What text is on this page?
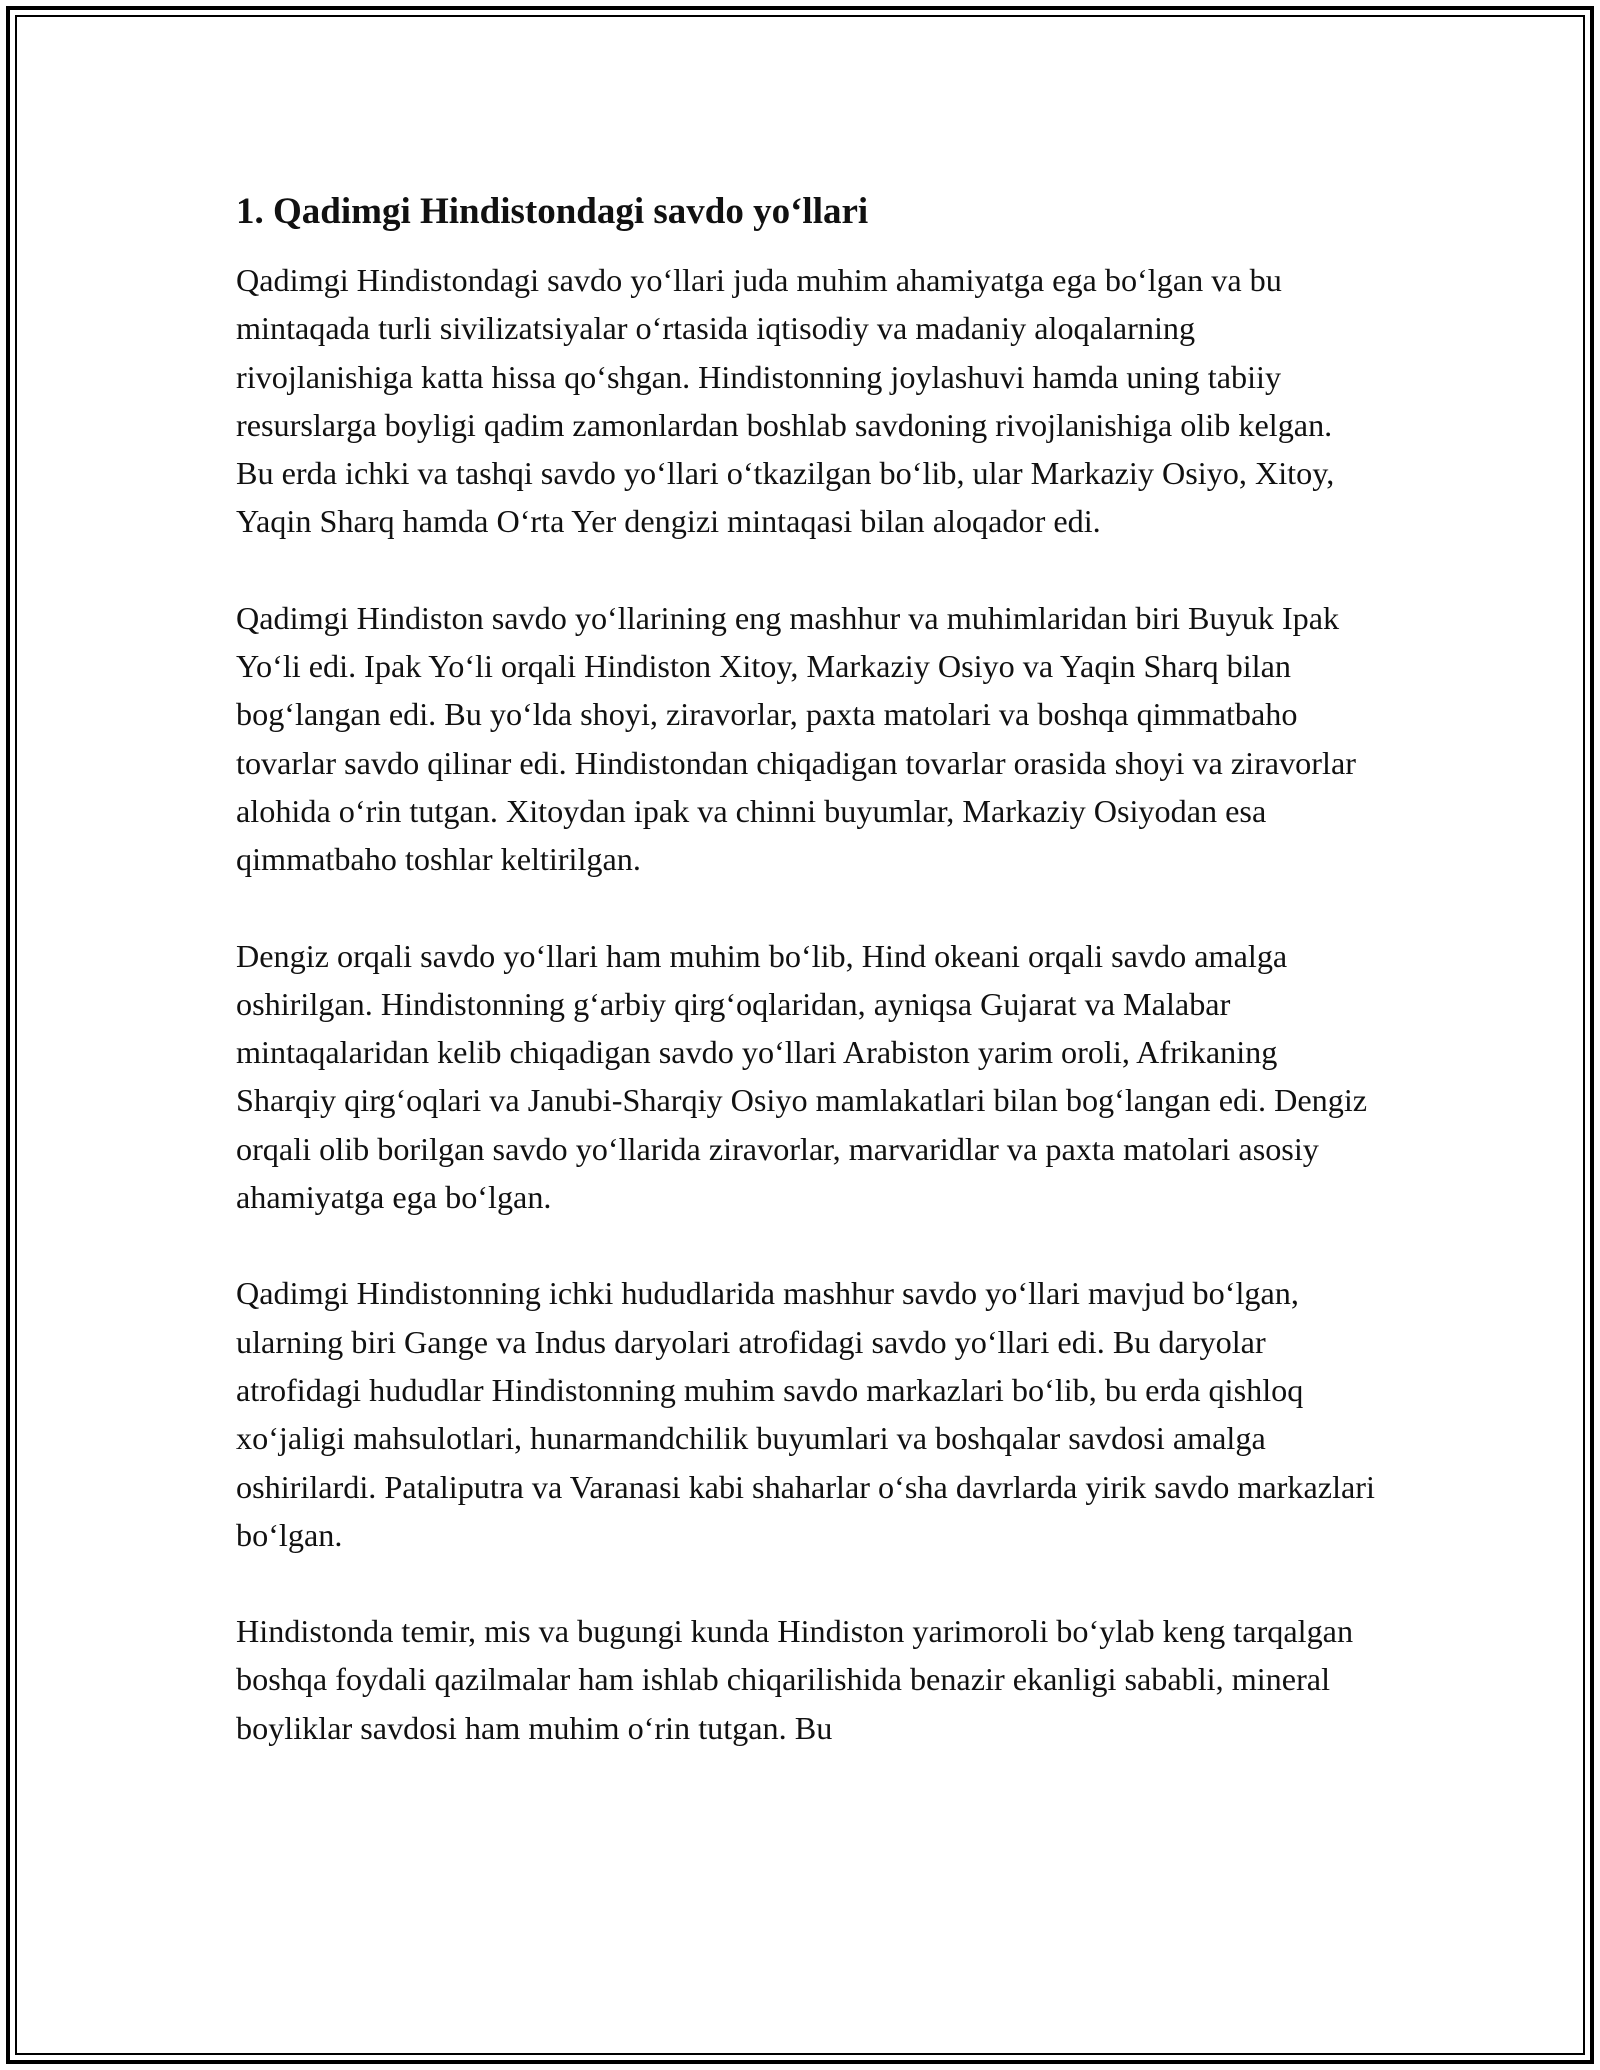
1. Qadimgi Hindistondagi savdo yo‘llari

Qadimgi Hindistondagi savdo yo‘llari juda muhim ahamiyatga ega bo‘lgan va bu mintaqada turli sivilizatsiyalar o‘rtasida iqtisodiy va madaniy aloqalarning rivojlanishiga katta hissa qo‘shgan. Hindistonning joylashuvi hamda uning tabiiy resurslarga boyligi qadim zamonlardan boshlab savdoning rivojlanishiga olib kelgan. Bu erda ichki va tashqi savdo yo‘llari o‘tkazilgan bo‘lib, ular Markaziy Osiyo, Xitoy, Yaqin Sharq hamda O‘rta Yer dengizi mintaqasi bilan aloqador edi.

Qadimgi Hindiston savdo yo‘llarining eng mashhur va muhimlaridan biri Buyuk Ipak Yo‘li edi. Ipak Yo‘li orqali Hindiston Xitoy, Markaziy Osiyo va Yaqin Sharq bilan bog‘langan edi. Bu yo‘lda shoyi, ziravorlar, paxta matolari va boshqa qimmatbaho tovarlar savdo qilinar edi. Hindistondan chiqadigan tovarlar orasida shoyi va ziravorlar alohida o‘rin tutgan. Xitoydan ipak va chinni buyumlar, Markaziy Osiyodan esa qimmatbaho toshlar keltirilgan.

Dengiz orqali savdo yo‘llari ham muhim bo‘lib, Hind okeani orqali savdo amalga oshirilgan. Hindistonning g‘arbiy qirg‘oqlaridan, ayniqsa Gujarat va Malabar mintaqalaridan kelib chiqadigan savdo yo‘llari Arabiston yarim oroli, Afrikaning Sharqiy qirg‘oqlari va Janubi-Sharqiy Osiyo mamlakatlari bilan bog‘langan edi. Dengiz orqali olib borilgan savdo yo‘llarida ziravorlar, marvaridlar va paxta matolari asosiy ahamiyatga ega bo‘lgan.

Qadimgi Hindistonning ichki hududlarida mashhur savdo yo‘llari mavjud bo‘lgan, ularning biri Gange va Indus daryolari atrofidagi savdo yo‘llari edi. Bu daryolar atrofidagi hududlar Hindistonning muhim savdo markazlari bo‘lib, bu erda qishloq xo‘jaligi mahsulotlari, hunarmandchilik buyumlari va boshqalar savdosi amalga oshirilardi. Pataliputra va Varanasi kabi shaharlar o‘sha davrlarda yirik savdo markazlari bo‘lgan.

Hindistonda temir, mis va bugungi kunda Hindiston yarimoroli bo‘ylab keng tarqalgan boshqa foydali qazilmalar ham ishlab chiqarilishida benazir ekanligi sababli, mineral boyliklar savdosi ham muhim o‘rin tutgan. Bu
